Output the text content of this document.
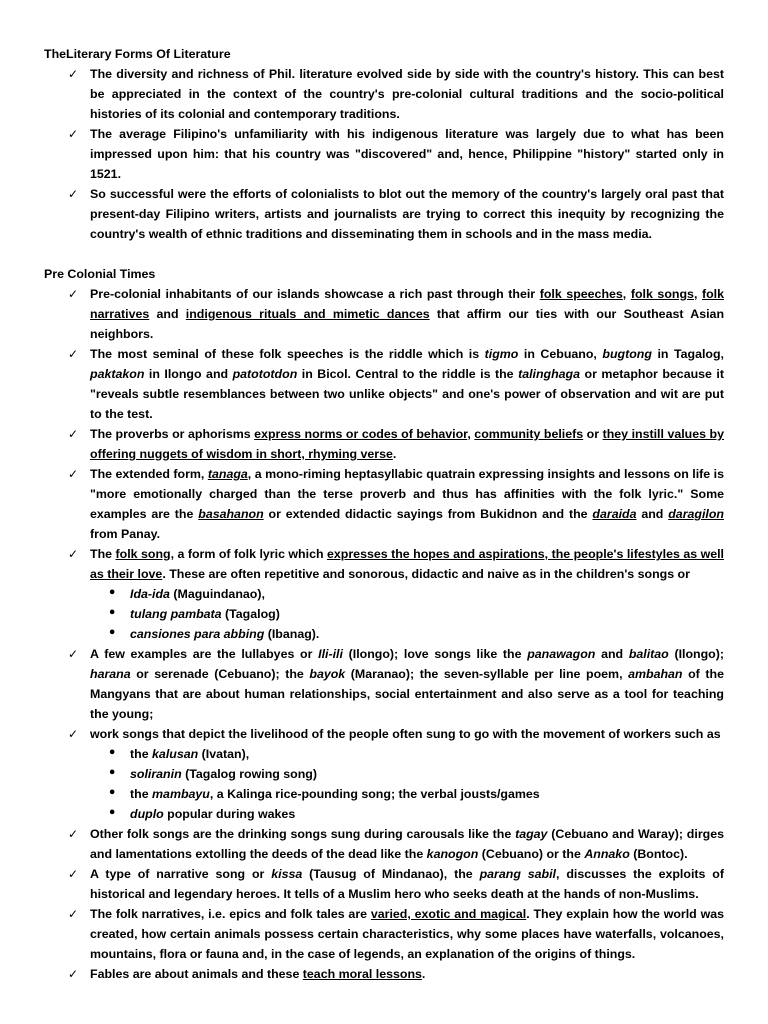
TheLiterary Forms Of Literature
✓ The diversity and richness of Phil. literature evolved side by side with the country's history. This can best be appreciated in the context of the country's pre-colonial cultural traditions and the socio-political histories of its colonial and contemporary traditions.
✓ The average Filipino's unfamiliarity with his indigenous literature was largely due to what has been impressed upon him: that his country was "discovered" and, hence, Philippine "history" started only in 1521.
✓ So successful were the efforts of colonialists to blot out the memory of the country's largely oral past that present-day Filipino writers, artists and journalists are trying to correct this inequity by recognizing the country's wealth of ethnic traditions and disseminating them in schools and in the mass media.
Pre Colonial Times
✓ Pre-colonial inhabitants of our islands showcase a rich past through their folk speeches, folk songs, folk narratives and indigenous rituals and mimetic dances that affirm our ties with our Southeast Asian neighbors.
✓ The most seminal of these folk speeches is the riddle which is tigmo in Cebuano, bugtong in Tagalog, paktakon in Ilongo and patototdon in Bicol. Central to the riddle is the talinghaga or metaphor because it "reveals subtle resemblances between two unlike objects" and one's power of observation and wit are put to the test.
✓ The proverbs or aphorisms express norms or codes of behavior, community beliefs or they instill values by offering nuggets of wisdom in short, rhyming verse.
✓ The extended form, tanaga, a mono-riming heptasyllabic quatrain expressing insights and lessons on life is "more emotionally charged than the terse proverb and thus has affinities with the folk lyric." Some examples are the basahanon or extended didactic sayings from Bukidnon and the daraida and daragilon from Panay.
✓ The folk song, a form of folk lyric which expresses the hopes and aspirations, the people's lifestyles as well as their love. These are often repetitive and sonorous, didactic and naive as in the children's songs or
• Ida-ida (Maguindanao),
• tulang pambata (Tagalog)
• cansiones para abbing (Ibanag).
✓ A few examples are the lullabyes or Ili-ili (Ilongo); love songs like the panawagon and balitao (Ilongo); harana or serenade (Cebuano); the bayok (Maranao); the seven-syllable per line poem, ambahan of the Mangyans that are about human relationships, social entertainment and also serve as a tool for teaching the young;
✓ work songs that depict the livelihood of the people often sung to go with the movement of workers such as
• the kalusan (Ivatan),
• soliranin (Tagalog rowing song)
• the mambayu, a Kalinga rice-pounding song; the verbal jousts/games
• duplo popular during wakes
✓ Other folk songs are the drinking songs sung during carousals like the tagay (Cebuano and Waray); dirges and lamentations extolling the deeds of the dead like the kanogon (Cebuano) or the Annako (Bontoc).
✓ A type of narrative song or kissa (Tausug of Mindanao), the parang sabil, discusses the exploits of historical and legendary heroes. It tells of a Muslim hero who seeks death at the hands of non-Muslims.
✓ The folk narratives, i.e. epics and folk tales are varied, exotic and magical. They explain how the world was created, how certain animals possess certain characteristics, why some places have waterfalls, volcanoes, mountains, flora or fauna and, in the case of legends, an explanation of the origins of things.
✓ Fables are about animals and these teach moral lessons.
